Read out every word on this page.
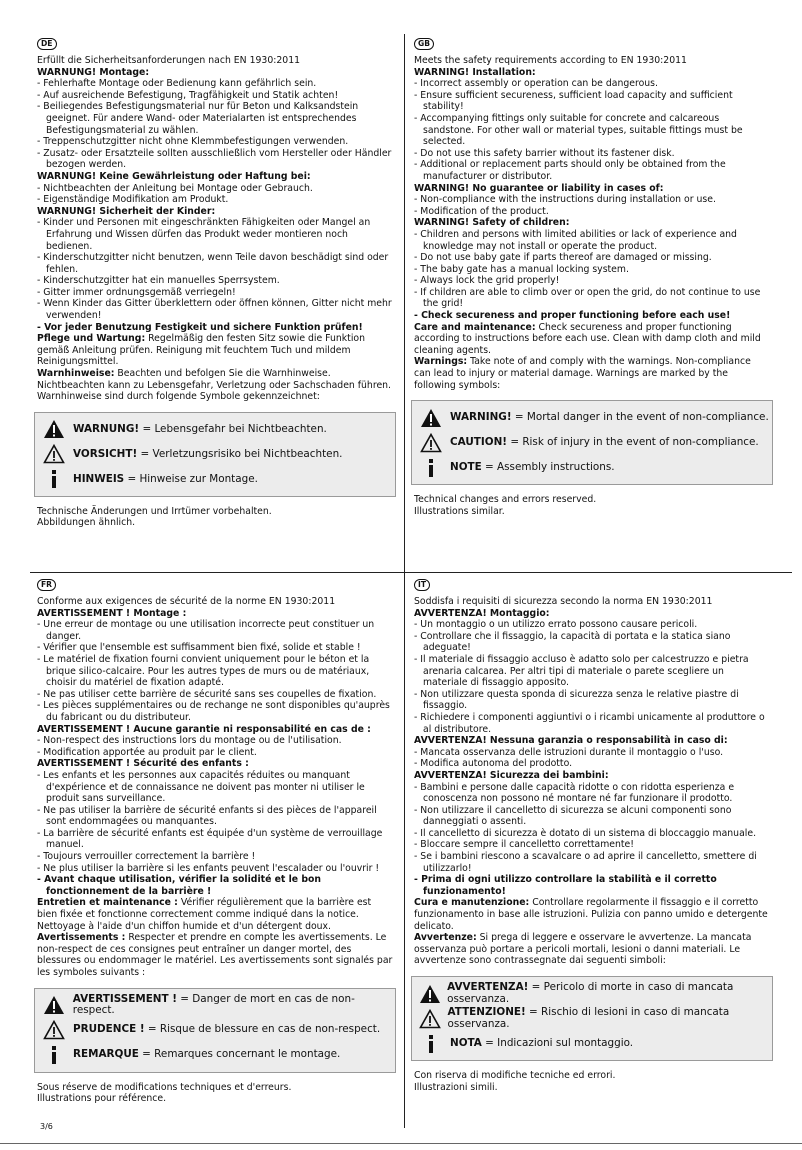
DE
Erfüllt die Sicherheitsanforderungen nach EN 1930:2011
WARNUNG! Montage:
- Fehlerhafte Montage oder Bedienung kann gefährlich sein.
- Auf ausreichende Befestigung, Tragfähigkeit und Statik achten!
- Beiliegendes Befestigungsmaterial nur für Beton und Kalksandstein geeignet. Für andere Wand- oder Materialarten ist entsprechendes Befestigungsmaterial zu wählen.
- Treppenschutzgitter nicht ohne Klemmbefestigungen verwenden.
- Zusatz- oder Ersatzteile sollten ausschließlich vom Hersteller oder Händler bezogen werden.
WARNUNG! Keine Gewährleistung oder Haftung bei:
- Nichtbeachten der Anleitung bei Montage oder Gebrauch.
- Eigenständige Modifikation am Produkt.
WARNUNG! Sicherheit der Kinder:
- Kinder und Personen mit eingeschränkten Fähigkeiten oder Mangel an Erfahrung und Wissen dürfen das Produkt weder montieren noch bedienen.
- Kinderschutzgitter nicht benutzen, wenn Teile davon beschädigt sind oder fehlen.
- Kinderschutzgitter hat ein manuelles Sperrsystem.
- Gitter immer ordnungsgemäß verriegeln!
- Wenn Kinder das Gitter überklettern oder öffnen können, Gitter nicht mehr verwenden!
- Vor jeder Benutzung Festigkeit und sichere Funktion prüfen!
Pflege und Wartung: Regelmäßig den festen Sitz sowie die Funktion gemäß Anleitung prüfen. Reinigung mit feuchtem Tuch und mildem Reinigungsmittel.
Warnhinweise: Beachten und befolgen Sie die Warnhinweise. Nichtbeachten kann zu Lebensgefahr, Verletzung oder Sachschaden führen. Warnhinweise sind durch folgende Symbole gekennzeichnet:
WARNUNG! = Lebensgefahr bei Nichtbeachten.
VORSICHT! = Verletzungsrisiko bei Nichtbeachten.
HINWEIS = Hinweise zur Montage.
Technische Änderungen und Irrtümer vorbehalten.
Abbildungen ähnlich.
GB
Meets the safety requirements according to EN 1930:2011
WARNING! Installation:
- Incorrect assembly or operation can be dangerous.
- Ensure sufficient secureness, sufficient load capacity and sufficient stability!
- Accompanying fittings only suitable for concrete and calcareous sandstone. For other wall or material types, suitable fittings must be selected.
- Do not use this safety barrier without its fastener disk.
- Additional or replacement parts should only be obtained from the manufacturer or distributor.
WARNING! No guarantee or liability in cases of:
- Non-compliance with the instructions during installation or use.
- Modification of the product.
WARNING! Safety of children:
- Children and persons with limited abilities or lack of experience and knowledge may not install or operate the product.
- Do not use baby gate if parts thereof are damaged or missing.
- The baby gate has a manual locking system.
- Always lock the grid properly!
- If children are able to climb over or open the grid, do not continue to use the grid!
- Check secureness and proper functioning before each use!
Care and maintenance: Check secureness and proper functioning according to instructions before each use. Clean with damp cloth and mild cleaning agents.
Warnings: Take note of and comply with the warnings. Non-compliance can lead to injury or material damage. Warnings are marked by the following symbols:
WARNING! = Mortal danger in the event of non-compliance.
CAUTION! = Risk of injury in the event of non-compliance.
NOTE = Assembly instructions.
Technical changes and errors reserved.
Illustrations similar.
FR
Conforme aux exigences de sécurité de la norme EN 1930:2011
AVERTISSEMENT ! Montage :
- Une erreur de montage ou une utilisation incorrecte peut constituer un danger.
- Vérifier que l'ensemble est suffisamment bien fixé, solide et stable !
- Le matériel de fixation fourni convient uniquement pour le béton et la brique silico-calcaire. Pour les autres types de murs ou de matériaux, choisir du matériel de fixation adapté.
- Ne pas utiliser cette barrière de sécurité sans ses coupelles de fixation.
- Les pièces supplémentaires ou de rechange ne sont disponibles qu'auprès du fabricant ou du distributeur.
AVERTISSEMENT ! Aucune garantie ni responsabilité en cas de :
- Non-respect des instructions lors du montage ou de l'utilisation.
- Modification apportée au produit par le client.
AVERTISSEMENT ! Sécurité des enfants :
- Les enfants et les personnes aux capacités réduites ou manquant d'expérience et de connaissance ne doivent pas monter ni utiliser le produit sans surveillance.
- Ne pas utiliser la barrière de sécurité enfants si des pièces de l'appareil sont endommagées ou manquantes.
- La barrière de sécurité enfants est équipée d'un système de verrouillage manuel.
- Toujours verrouiller correctement la barrière !
- Ne plus utiliser la barrière si les enfants peuvent l'escalader ou l'ouvrir !
- Avant chaque utilisation, vérifier la solidité et le bon fonctionnement de la barrière !
Entretien et maintenance : Vérifier régulièrement que la barrière est bien fixée et fonctionne correctement comme indiqué dans la notice. Nettoyage à l'aide d'un chiffon humide et d'un détergent doux.
Avertissements : Respecter et prendre en compte les avertissements. Le non-respect de ces consignes peut entraîner un danger mortel, des blessures ou endommager le matériel. Les avertissements sont signalés par les symboles suivants :
AVERTISSEMENT ! = Danger de mort en cas de non-respect.
PRUDENCE ! = Risque de blessure en cas de non-respect.
REMARQUE = Remarques concernant le montage.
Sous réserve de modifications techniques et d'erreurs.
Illustrations pour référence.
IT
Soddisfa i requisiti di sicurezza secondo la norma EN 1930:2011
AVVERTENZA! Montaggio:
- Un montaggio o un utilizzo errato possono causare pericoli.
- Controllare che il fissaggio, la capacità di portata e la statica siano adeguate!
- Il materiale di fissaggio accluso è adatto solo per calcestruzzo e pietra arenaria calcarea. Per altri tipi di materiale o parete scegliere un materiale di fissaggio apposito.
- Non utilizzare questa sponda di sicurezza senza le relative piastre di fissaggio.
- Richiedere i componenti aggiuntivi o i ricambi unicamente al produttore o al distributore.
AVVERTENZA! Nessuna garanzia o responsabilità in caso di:
- Mancata osservanza delle istruzioni durante il montaggio o l'uso.
- Modifica autonoma del prodotto.
AVVERTENZA! Sicurezza dei bambini:
- Bambini e persone dalle capacità ridotte o con ridotta esperienza e conoscenza non possono né montare né far funzionare il prodotto.
- Non utilizzare il cancelletto di sicurezza se alcuni componenti sono danneggiati o assenti.
- Il cancelletto di sicurezza è dotato di un sistema di bloccaggio manuale.
- Bloccare sempre il cancelletto correttamente!
- Se i bambini riescono a scavalcare o ad aprire il cancelletto, smettere di utilizzarlo!
- Prima di ogni utilizzo controllare la stabilità e il corretto funzionamento!
Cura e manutenzione: Controllare regolarmente il fissaggio e il corretto funzionamento in base alle istruzioni. Pulizia con panno umido e detergente delicato.
Avvertenze: Si prega di leggere e osservare le avvertenze. La mancata osservanza può portare a pericoli mortali, lesioni o danni materiali. Le avvertenze sono contrassegnate dai seguenti simboli:
AVVERTENZA! = Pericolo di morte in caso di mancata osservanza.
ATTENZIONE! = Rischio di lesioni in caso di mancata osservanza.
NOTA = Indicazioni sul montaggio.
Con riserva di modifiche tecniche ed errori.
Illustrazioni simili.
3/6
